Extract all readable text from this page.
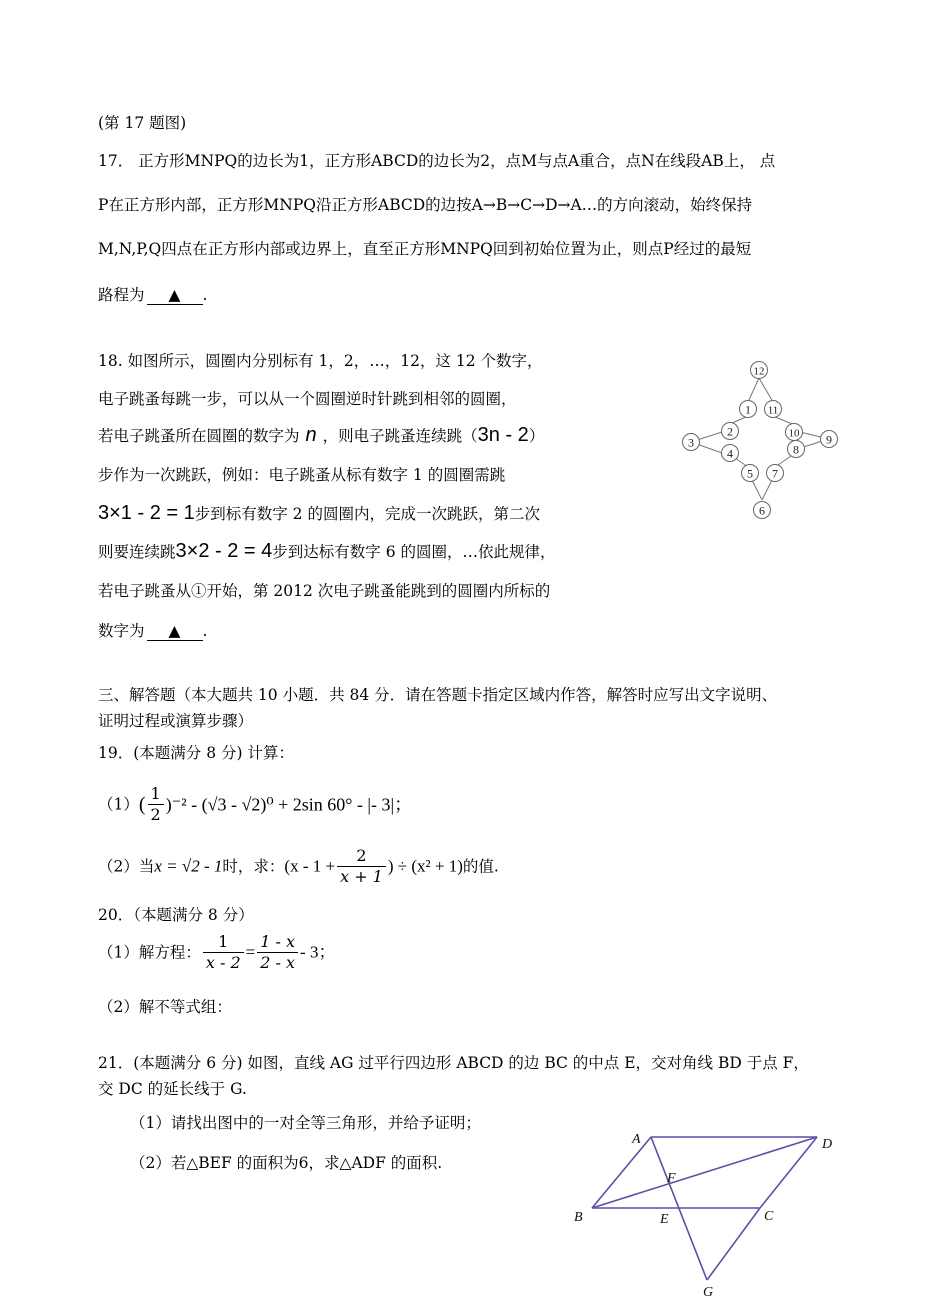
(第 17 题图)
17． 正方形MNPQ的边长为1，正方形ABCD的边长为2，点M与点A重合，点N在线段AB上， 点
P在正方形内部，正方形MNPQ沿正方形ABCD的边按A→B→C→D→A…的方向滚动，始终保持
M,N,P,Q四点在正方形内部或边界上，直至正方形MNPQ回到初始位置为止，则点P经过的最短
路程为 ▲ .
18. 如图所示，圆圈内分别标有 1，2，…，12，这 12 个数字，
电子跳蚤每跳一步，可以从一个圆圈逆时针跳到相邻的圆圈，
若电子跳蚤所在圆圈的数字为 n ，则电子跳蚤连续跳（3n - 2）
步作为一次跳跃，例如：电子跳蚤从标有数字 1 的圆圈需跳
3×1 - 2 = 1步到标有数字 2 的圆圈内，完成一次跳跃，第二次
则要连续跳3×2 - 2 = 4步到达标有数字 6 的圆圈，…依此规律，
若电子跳蚤从①开始，第 2012 次电子跳蚤能跳到的圆圈内所标的
数字为 ▲ .
12
1 11
2	10
3	9
4	8
5 7
6
三、解答题（本大题共 10 小题．共 84 分．请在答题卡指定区域内作答，解答时应写出文字说明、
证明过程或演算步骤）
19．(本题满分 8 分) 计算：
$(1)( \frac{1}{2} )^{-2} - (√3 - √2)^0 + 2\sin$ 60° - |- 3|；
（2）当x = √2 - 1时，求：($x - 1 + \frac{2}{x + 1}$ ) ÷ (x² + 1)的值.
20．（本题满分 8 分）
（1）解方程： $\frac{1}{x - 2} = \frac{1 - x}{2 - x} - 3$；
（2）解不等式组：
21．(本题满分 6 分) 如图，直线 AG 过平行四边形 ABCD 的边 BC 的中点 E，交对角线 BD 于点 F，
交 DC 的延长线于 G.
（1）请找出图中的一对全等三角形，并给予证明；
（2）若△BEF 的面积为6，求△ADF 的面积.
A	D
F
B	E	C
G
